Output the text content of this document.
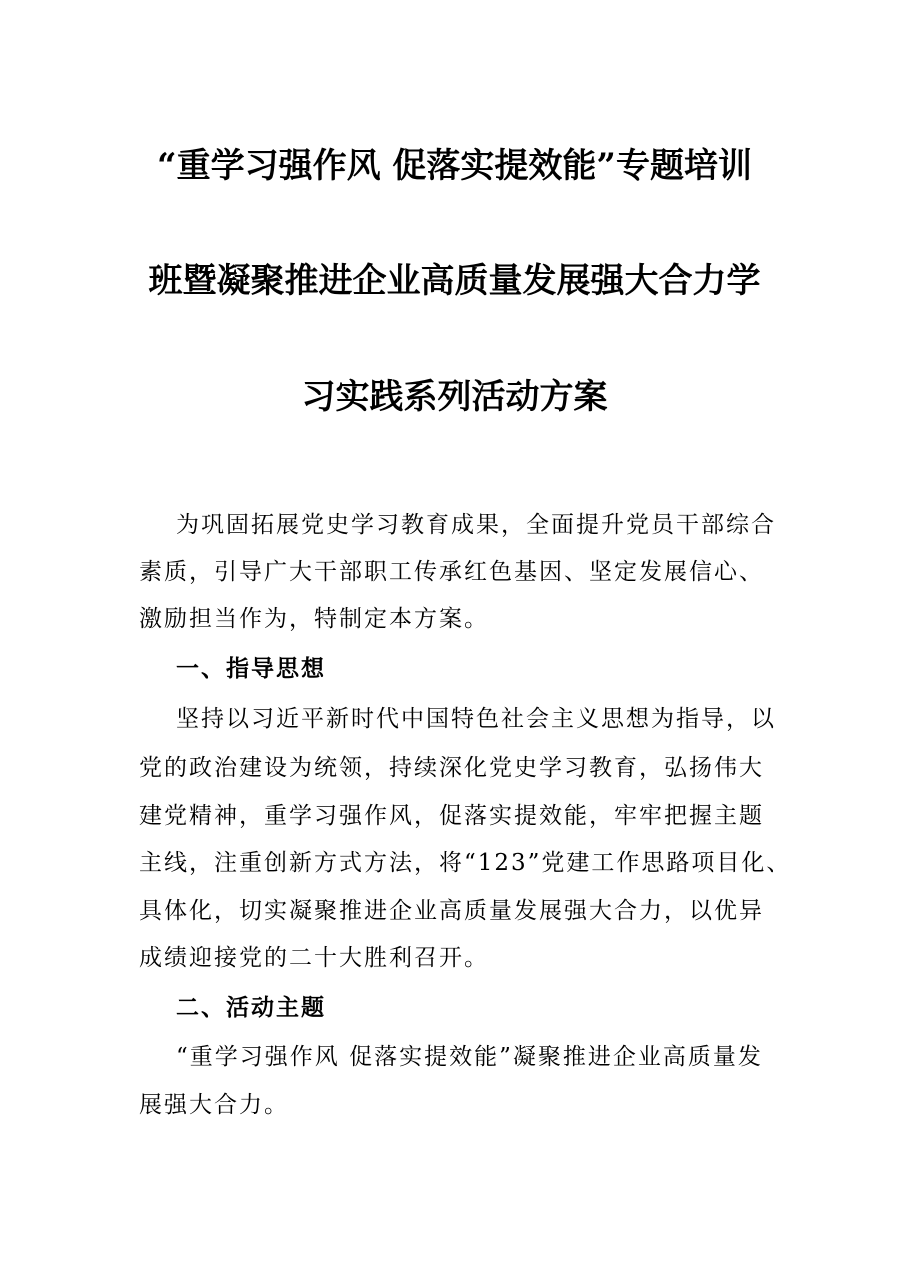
“重学习强作风 促落实提效能”专题培训
班暨凝聚推进企业高质量发展强大合力学
习实践系列活动方案
为巩固拓展党史学习教育成果，全面提升党员干部综合
素质，引导广大干部职工传承红色基因、坚定发展信心、
激励担当作为，特制定本方案。
一、指导思想
坚持以习近平新时代中国特色社会主义思想为指导，以
党的政治建设为统领，持续深化党史学习教育，弘扬伟大
建党精神，重学习强作风，促落实提效能，牢牢把握主题
主线，注重创新方式方法，将“123”党建工作思路项目化、
具体化，切实凝聚推进企业高质量发展强大合力，以优异
成绩迎接党的二十大胜利召开。
二、活动主题
“重学习强作风 促落实提效能”凝聚推进企业高质量发
展强大合力。
